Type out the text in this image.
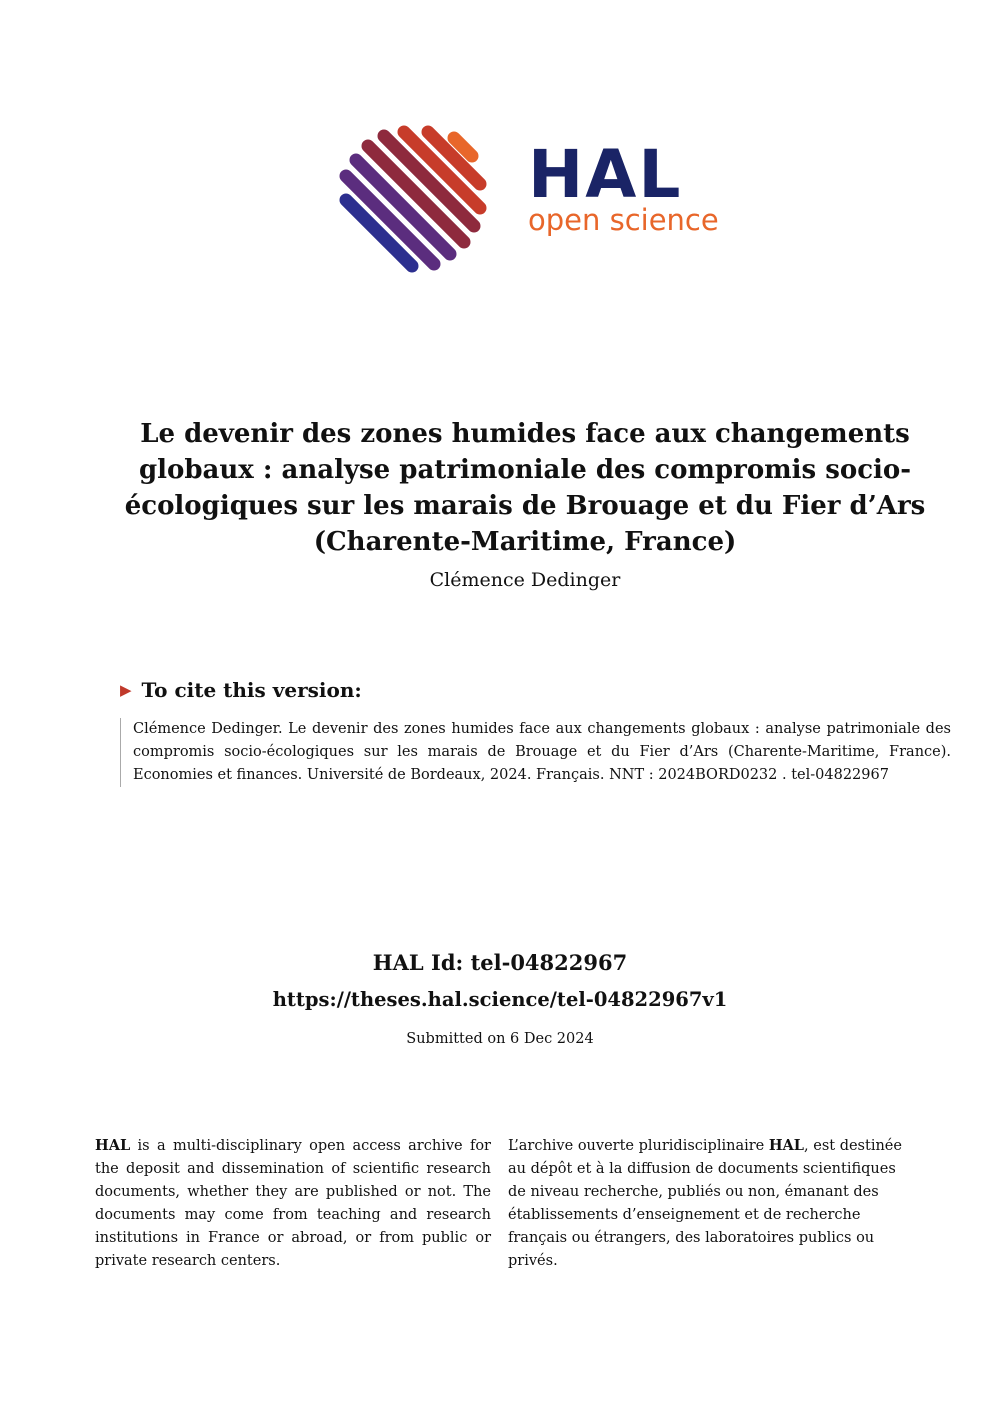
HAL
open science
Le devenir des zones humides face aux changements globaux : analyse patrimoniale des compromis socio-écologiques sur les marais de Brouage et du Fier d’Ars (Charente-Maritime, France)
Clémence Dedinger
▶ To cite this version:
Clémence Dedinger. Le devenir des zones humides face aux changements globaux : analyse patrimoniale des compromis socio-écologiques sur les marais de Brouage et du Fier d’Ars (Charente-Maritime, France). Economies et finances. Université de Bordeaux, 2024. Français. NNT : 2024BORD0232 . tel-04822967
HAL Id: tel-04822967
https://theses.hal.science/tel-04822967v1
Submitted on 6 Dec 2024
HAL is a multi-disciplinary open access archive for the deposit and dissemination of scientific research documents, whether they are published or not. The documents may come from teaching and research institutions in France or abroad, or from public or private research centers.
L’archive ouverte pluridisciplinaire HAL, est destinée au dépôt et à la diffusion de documents scientifiques de niveau recherche, publiés ou non, émanant des établissements d’enseignement et de recherche français ou étrangers, des laboratoires publics ou privés.
